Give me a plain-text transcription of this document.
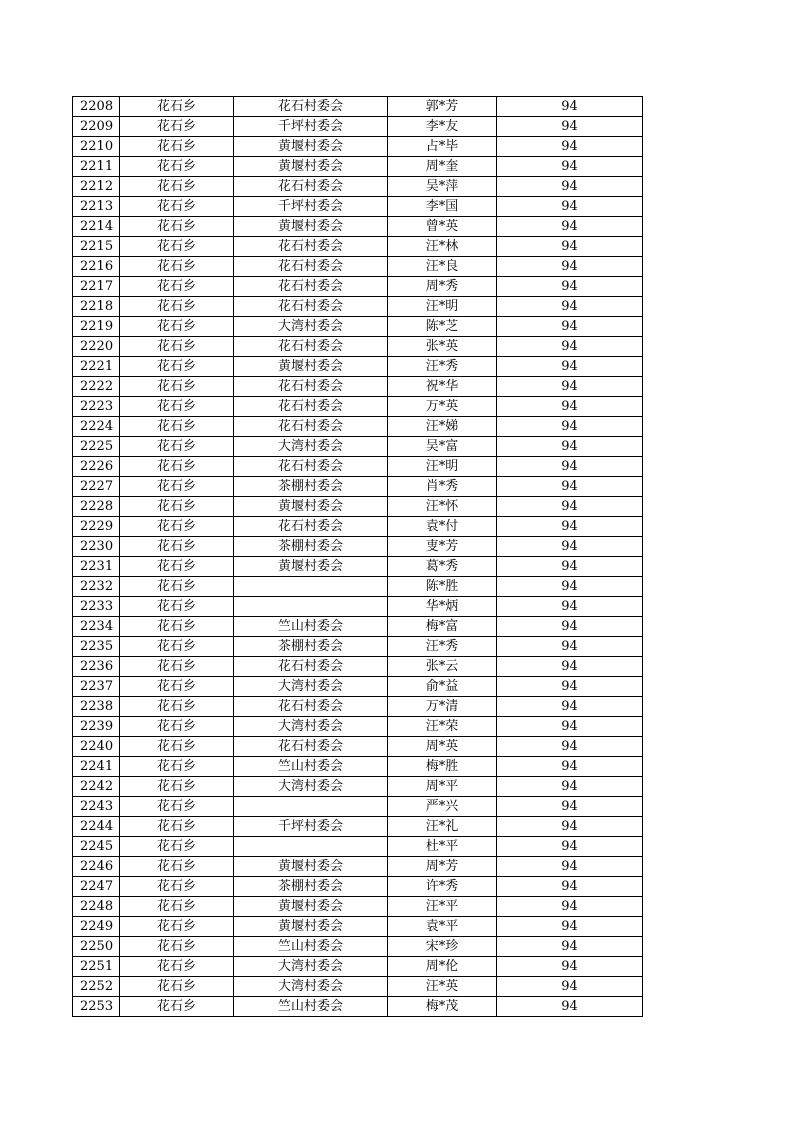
2208	花石乡	花石村委会	郭*芳	94
2209	花石乡	千坪村委会	李*友	94
2210	花石乡	黄堰村委会	占*毕	94
2211	花石乡	黄堰村委会	周*奎	94
2212	花石乡	花石村委会	吴*萍	94
2213	花石乡	千坪村委会	李*国	94
2214	花石乡	黄堰村委会	曾*英	94
2215	花石乡	花石村委会	汪*林	94
2216	花石乡	花石村委会	汪*良	94
2217	花石乡	花石村委会	周*秀	94
2218	花石乡	花石村委会	汪*明	94
2219	花石乡	大湾村委会	陈*芝	94
2220	花石乡	花石村委会	张*英	94
2221	花石乡	黄堰村委会	汪*秀	94
2222	花石乡	花石村委会	祝*华	94
2223	花石乡	花石村委会	万*英	94
2224	花石乡	花石村委会	汪*娣	94
2225	花石乡	大湾村委会	吴*富	94
2226	花石乡	花石村委会	汪*明	94
2227	花石乡	茶棚村委会	肖*秀	94
2228	花石乡	黄堰村委会	汪*怀	94
2229	花石乡	花石村委会	袁*付	94
2230	花石乡	茶棚村委会	叓*芳	94
2231	花石乡	黄堰村委会	葛*秀	94
2232	花石乡		陈*胜	94
2233	花石乡		华*炳	94
2234	花石乡	竺山村委会	梅*富	94
2235	花石乡	茶棚村委会	汪*秀	94
2236	花石乡	花石村委会	张*云	94
2237	花石乡	大湾村委会	俞*益	94
2238	花石乡	花石村委会	万*清	94
2239	花石乡	大湾村委会	汪*荣	94
2240	花石乡	花石村委会	周*英	94
2241	花石乡	竺山村委会	梅*胜	94
2242	花石乡	大湾村委会	周*平	94
2243	花石乡		严*兴	94
2244	花石乡	千坪村委会	汪*礼	94
2245	花石乡		杜*平	94
2246	花石乡	黄堰村委会	周*芳	94
2247	花石乡	茶棚村委会	许*秀	94
2248	花石乡	黄堰村委会	汪*平	94
2249	花石乡	黄堰村委会	袁*平	94
2250	花石乡	竺山村委会	宋*珍	94
2251	花石乡	大湾村委会	周*伦	94
2252	花石乡	大湾村委会	汪*英	94
2253	花石乡	竺山村委会	梅*茂	94
